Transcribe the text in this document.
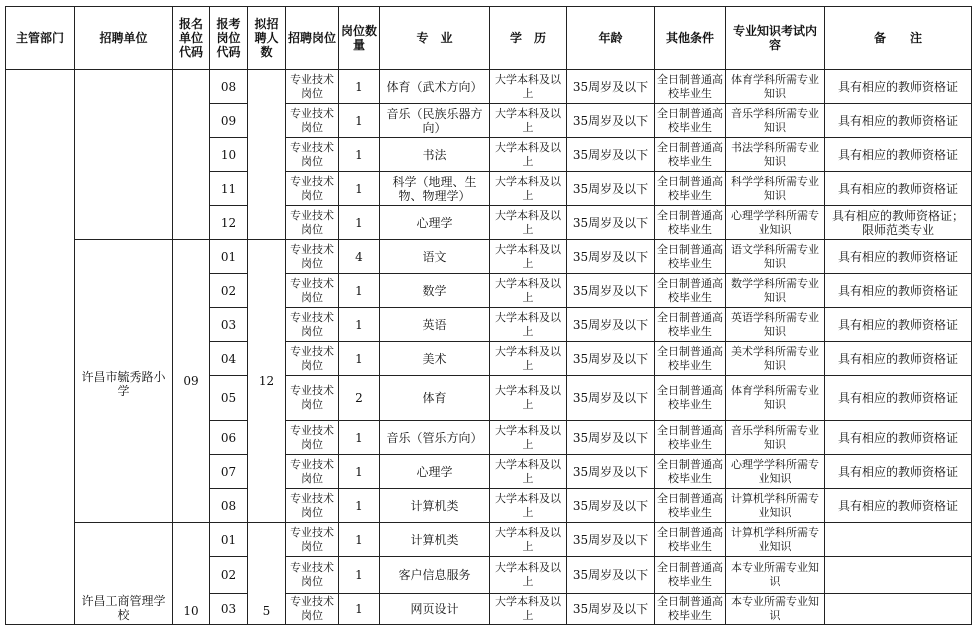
主管部门	招聘单位	报名单位代码	报考岗位代码	拟招聘人数	招聘岗位	岗位数量	专　业	学　历	年龄	其他条件	专业知识考试内容	备　　注
			08		专业技术岗位	1	体育（武术方向）	大学本科及以上	35周岁及以下	全日制普通高校毕业生	体育学科所需专业知识	具有相应的教师资格证
			09		专业技术岗位	1	音乐（民族乐器方向）	大学本科及以上	35周岁及以下	全日制普通高校毕业生	音乐学科所需专业知识	具有相应的教师资格证
			10		专业技术岗位	1	书法	大学本科及以上	35周岁及以下	全日制普通高校毕业生	书法学科所需专业知识	具有相应的教师资格证
			11		专业技术岗位	1	科学（地理、生物、物理学）	大学本科及以上	35周岁及以下	全日制普通高校毕业生	科学学科所需专业知识	具有相应的教师资格证
			12		专业技术岗位	1	心理学	大学本科及以上	35周岁及以下	全日制普通高校毕业生	心理学学科所需专业知识	具有相应的教师资格证；限师范类专业
	许昌市毓秀路小学	09	01	12	专业技术岗位	4	语文	大学本科及以上	35周岁及以下	全日制普通高校毕业生	语文学科所需专业知识	具有相应的教师资格证
			02		专业技术岗位	1	数学	大学本科及以上	35周岁及以下	全日制普通高校毕业生	数学学科所需专业知识	具有相应的教师资格证
			03		专业技术岗位	1	英语	大学本科及以上	35周岁及以下	全日制普通高校毕业生	英语学科所需专业知识	具有相应的教师资格证
			04		专业技术岗位	1	美术	大学本科及以上	35周岁及以下	全日制普通高校毕业生	美术学科所需专业知识	具有相应的教师资格证
			05		专业技术岗位	2	体育	大学本科及以上	35周岁及以下	全日制普通高校毕业生	体育学科所需专业知识	具有相应的教师资格证
			06		专业技术岗位	1	音乐（管乐方向）	大学本科及以上	35周岁及以下	全日制普通高校毕业生	音乐学科所需专业知识	具有相应的教师资格证
			07		专业技术岗位	1	心理学	大学本科及以上	35周岁及以下	全日制普通高校毕业生	心理学学科所需专业知识	具有相应的教师资格证
			08		专业技术岗位	1	计算机类	大学本科及以上	35周岁及以下	全日制普通高校毕业生	计算机学科所需专业知识	具有相应的教师资格证
	许昌工商管理学校	10	01	5	专业技术岗位	1	计算机类	大学本科及以上	35周岁及以下	全日制普通高校毕业生	计算机学科所需专业知识	
			02		专业技术岗位	1	客户信息服务	大学本科及以上	35周岁及以下	全日制普通高校毕业生	本专业所需专业知识	
			03		专业技术岗位	1	网页设计	大学本科及以上	35周岁及以下	全日制普通高校毕业生	本专业所需专业知识	
